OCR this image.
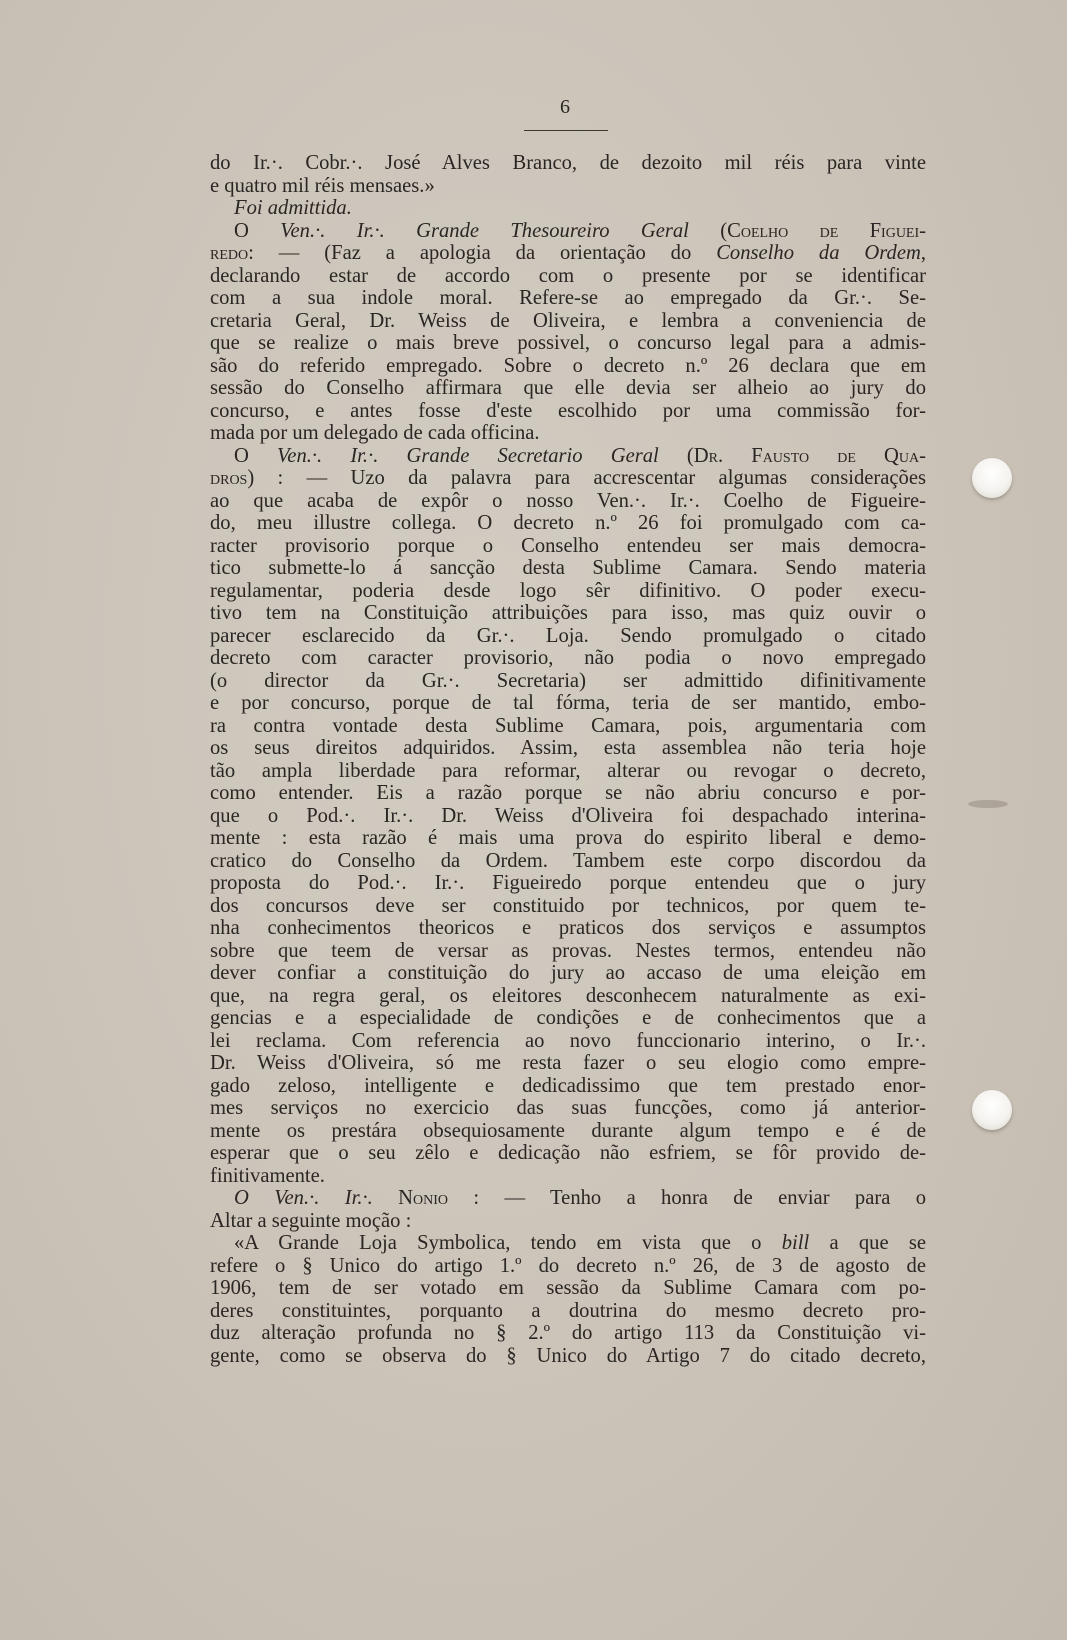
6
do Ir.·. Cobr.·. José Alves Branco, de dezoito mil réis para vinte
e quatro mil réis mensaes.»
Foi admittida.
O Ven.·. Ir.·. Grande Thesoureiro Geral (Coelho de Figuei-
redo: — (Faz a apologia da orientação do Conselho da Ordem,
declarando estar de accordo com o presente por se identificar
com a sua indole moral. Refere-se ao empregado da Gr.·. Se-
cretaria Geral, Dr. Weiss de Oliveira, e lembra a conveniencia de
que se realize o mais breve possivel, o concurso legal para a admis-
são do referido empregado. Sobre o decreto n.º 26 declara que em
sessão do Conselho affirmara que elle devia ser alheio ao jury do
concurso, e antes fosse d'este escolhido por uma commissão for-
mada por um delegado de cada officina.
O Ven.·. Ir.·. Grande Secretario Geral (Dr. Fausto de Qua-
dros) : — Uzo da palavra para accrescentar algumas considerações
ao que acaba de expôr o nosso Ven.·. Ir.·. Coelho de Figueire-
do, meu illustre collega. O decreto n.º 26 foi promulgado com ca-
racter provisorio porque o Conselho entendeu ser mais democra-
tico submette-lo á sancção desta Sublime Camara. Sendo materia
regulamentar, poderia desde logo sêr difinitivo. O poder execu-
tivo tem na Constituição attribuições para isso, mas quiz ouvir o
parecer esclarecido da Gr.·. Loja. Sendo promulgado o citado
decreto com caracter provisorio, não podia o novo empregado
(o director da Gr.·. Secretaria) ser admittido difinitivamente
e por concurso, porque de tal fórma, teria de ser mantido, embo-
ra contra vontade desta Sublime Camara, pois, argumentaria com
os seus direitos adquiridos. Assim, esta assemblea não teria hoje
tão ampla liberdade para reformar, alterar ou revogar o decreto,
como entender. Eis a razão porque se não abriu concurso e por-
que o Pod.·. Ir.·. Dr. Weiss d'Oliveira foi despachado interina-
mente : esta razão é mais uma prova do espirito liberal e demo-
cratico do Conselho da Ordem. Tambem este corpo discordou da
proposta do Pod.·. Ir.·. Figueiredo porque entendeu que o jury
dos concursos deve ser constituido por technicos, por quem te-
nha conhecimentos theoricos e praticos dos serviços e assumptos
sobre que teem de versar as provas. Nestes termos, entendeu não
dever confiar a constituição do jury ao accaso de uma eleição em
que, na regra geral, os eleitores desconhecem naturalmente as exi-
gencias e a especialidade de condições e de conhecimentos que a
lei reclama. Com referencia ao novo funccionario interino, o Ir.·.
Dr. Weiss d'Oliveira, só me resta fazer o seu elogio como empre-
gado zeloso, intelligente e dedicadissimo que tem prestado enor-
mes serviços no exercicio das suas funcções, como já anterior-
mente os prestára obsequiosamente durante algum tempo e é de
esperar que o seu zêlo e dedicação não esfriem, se fôr provido de-
finitivamente.
O Ven.·. Ir.·. Nonio : — Tenho a honra de enviar para o
Altar a seguinte moção :
«A Grande Loja Symbolica, tendo em vista que o bill a que se
refere o § Unico do artigo 1.º do decreto n.º 26, de 3 de agosto de
1906, tem de ser votado em sessão da Sublime Camara com po-
deres constituintes, porquanto a doutrina do mesmo decreto pro-
duz alteração profunda no § 2.º do artigo 113 da Constituição vi-
gente, como se observa do § Unico do Artigo 7 do citado decreto,
